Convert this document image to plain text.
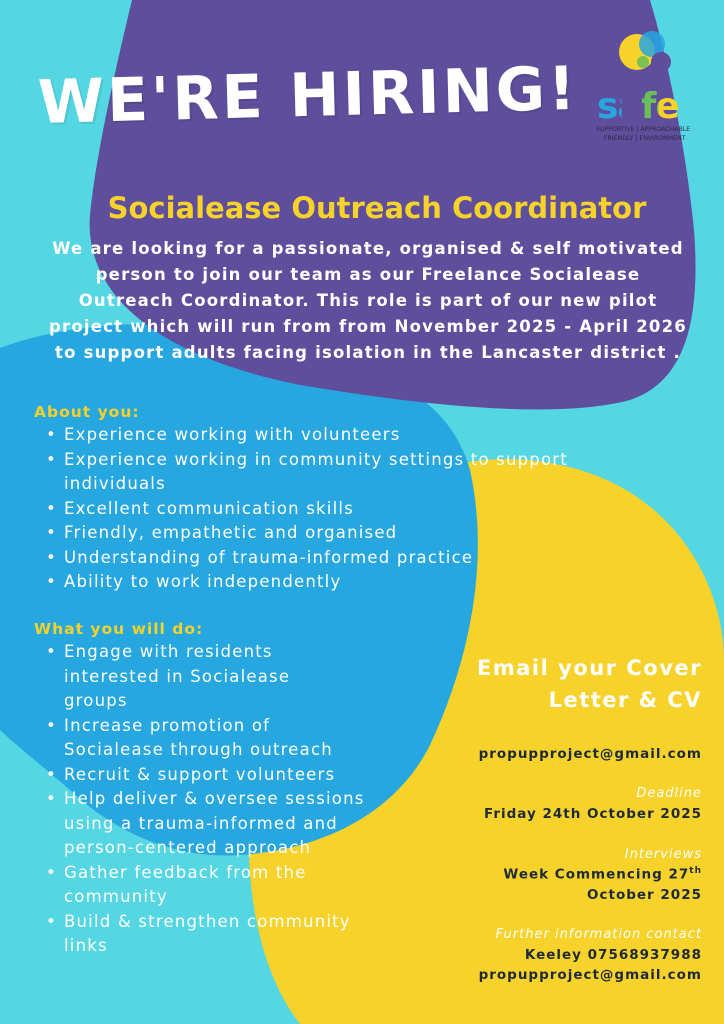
WE'RE HIRING! safe
SUPPORTIVE | APPROACHABLE
FRIENDLY | ENVIRONMENT
Socialease Outreach Coordinator
We are looking for a passionate, organised & self motivated person to join our team as our Freelance Socialease Outreach Coordinator. This role is part of our new pilot project which will run from from November 2025 - April 2026 to support adults facing isolation in the Lancaster district .
About you:
• Experience working with volunteers
• Experience working in community settings to support individuals
• Excellent communication skills
• Friendly, empathetic and organised
• Understanding of trauma-informed practice
• Ability to work independently
What you will do:
• Engage with residents interested in Socialease groups
• Increase promotion of Socialease through outreach
• Recruit & support volunteers
• Help deliver & oversee sessions using a trauma-informed and person-centered approach
• Gather feedback from the community
• Build & strengthen community links
Email your Cover
Letter & CV
propupproject@gmail.com
Deadline
Friday 24th October 2025
Interviews
Week Commencing 27th
October 2025
Further information contact
Keeley 07568937988
propupproject@gmail.com
